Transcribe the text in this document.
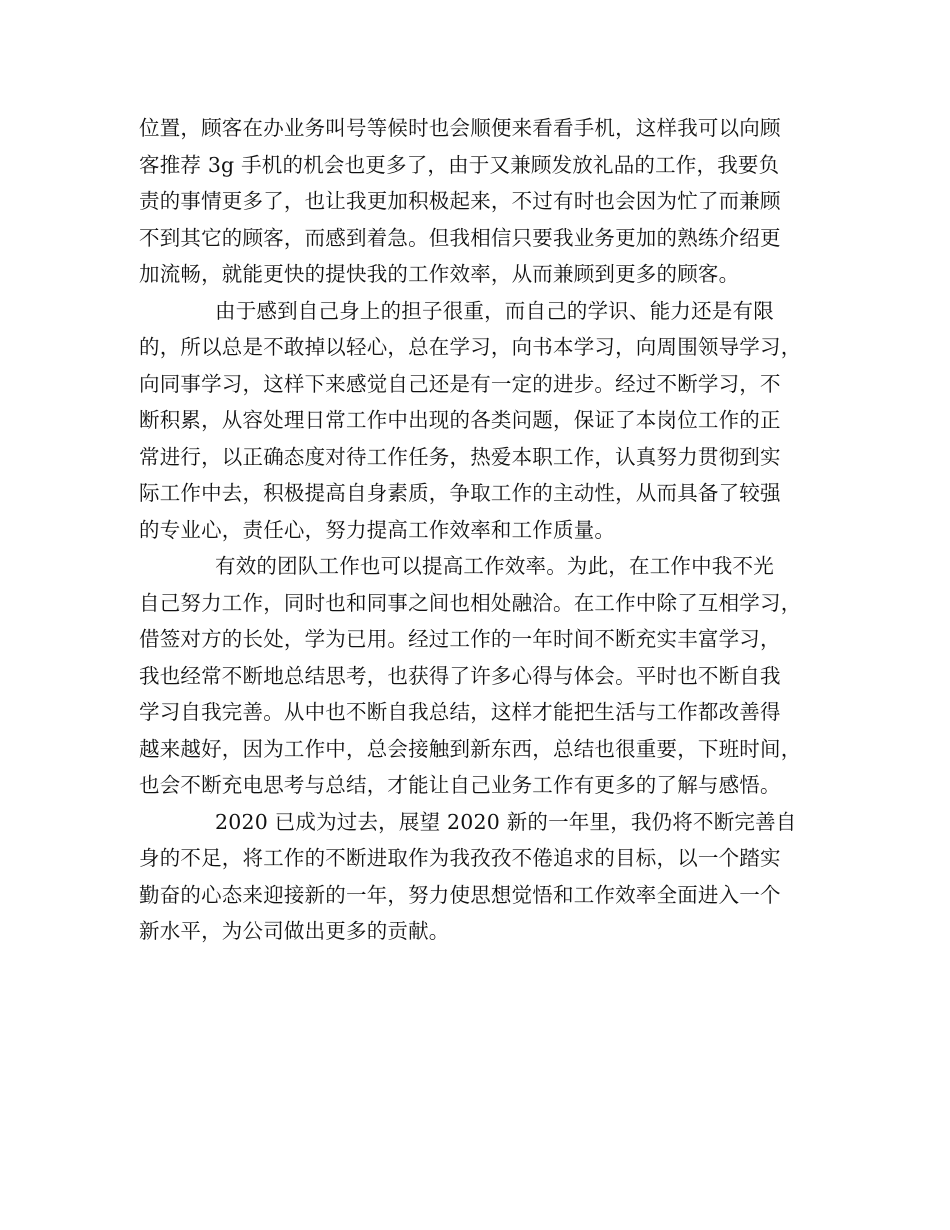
位置，顾客在办业务叫号等候时也会顺便来看看手机，这样我可以向顾
客推荐 3g 手机的机会也更多了，由于又兼顾发放礼品的工作，我要负
责的事情更多了，也让我更加积极起来，不过有时也会因为忙了而兼顾
不到其它的顾客，而感到着急。但我相信只要我业务更加的熟练介绍更
加流畅，就能更快的提快我的工作效率，从而兼顾到更多的顾客。
由于感到自己身上的担子很重，而自己的学识、能力还是有限
的，所以总是不敢掉以轻心，总在学习，向书本学习，向周围领导学习，
向同事学习，这样下来感觉自己还是有一定的进步。经过不断学习，不
断积累，从容处理日常工作中出现的各类问题，保证了本岗位工作的正
常进行，以正确态度对待工作任务，热爱本职工作，认真努力贯彻到实
际工作中去，积极提高自身素质，争取工作的主动性，从而具备了较强
的专业心，责任心，努力提高工作效率和工作质量。
有效的团队工作也可以提高工作效率。为此，在工作中我不光
自己努力工作，同时也和同事之间也相处融洽。在工作中除了互相学习，
借签对方的长处，学为已用。经过工作的一年时间不断充实丰富学习，
我也经常不断地总结思考，也获得了许多心得与体会。平时也不断自我
学习自我完善。从中也不断自我总结，这样才能把生活与工作都改善得
越来越好，因为工作中，总会接触到新东西，总结也很重要，下班时间，
也会不断充电思考与总结，才能让自己业务工作有更多的了解与感悟。
2020 已成为过去，展望 2020 新的一年里，我仍将不断完善自
身的不足，将工作的不断进取作为我孜孜不倦追求的目标，以一个踏实
勤奋的心态来迎接新的一年，努力使思想觉悟和工作效率全面进入一个
新水平，为公司做出更多的贡献。
